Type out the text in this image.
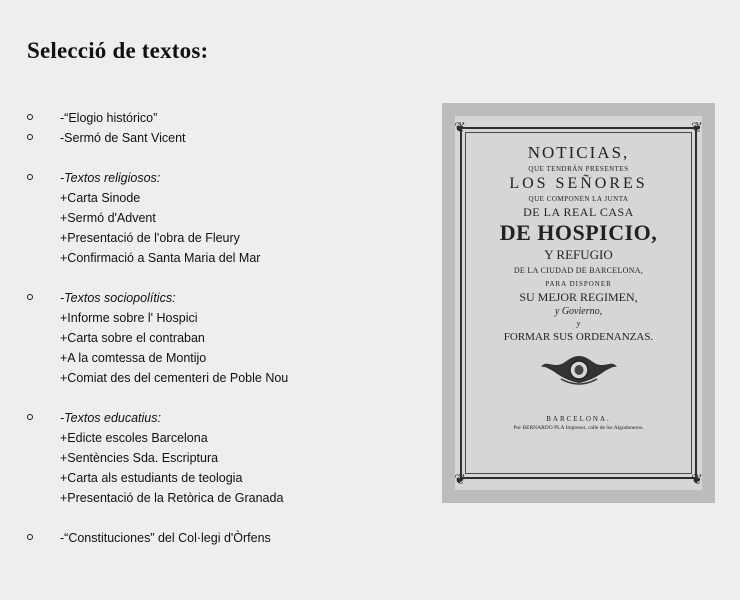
Selecció de textos:
-“Elogio histórico”
-Sermó de Sant Vicent
-Textos religiosos:
+Carta Sinode
+Sermó d'Advent
+Presentació de l'obra de Fleury
+Confirmació a Santa Maria del Mar
-Textos sociopolítics:
+Informe sobre l' Hospici
+Carta sobre el contraban
+A la comtessa de Montijo
+Comiat des del cementeri de Poble Nou
-Textos educatius:
+Edicte escoles Barcelona
+Sentències Sda. Escriptura
+Carta als estudiants de teologia
+Presentació de la Retòrica de Granada
-“Constituciones” del Col·legi d'Òrfens
❦	❦
❦	❦
NOTICIAS,
QUE TENDRÁN PRESENTES
LOS SEÑORES
QUE COMPONEN LA JUNTA
DE LA REAL CASA
DE HOSPICIO,
Y REFUGIO
DE LA CIUDAD DE BARCELONA,
PARA DISPONER
SU MEJOR REGIMEN,
y Govierno,
y
FORMAR SUS ORDENANZAS.
BARCELONA.
Por BERNARDO PLA Impresor, calle de los Algodoneros.
